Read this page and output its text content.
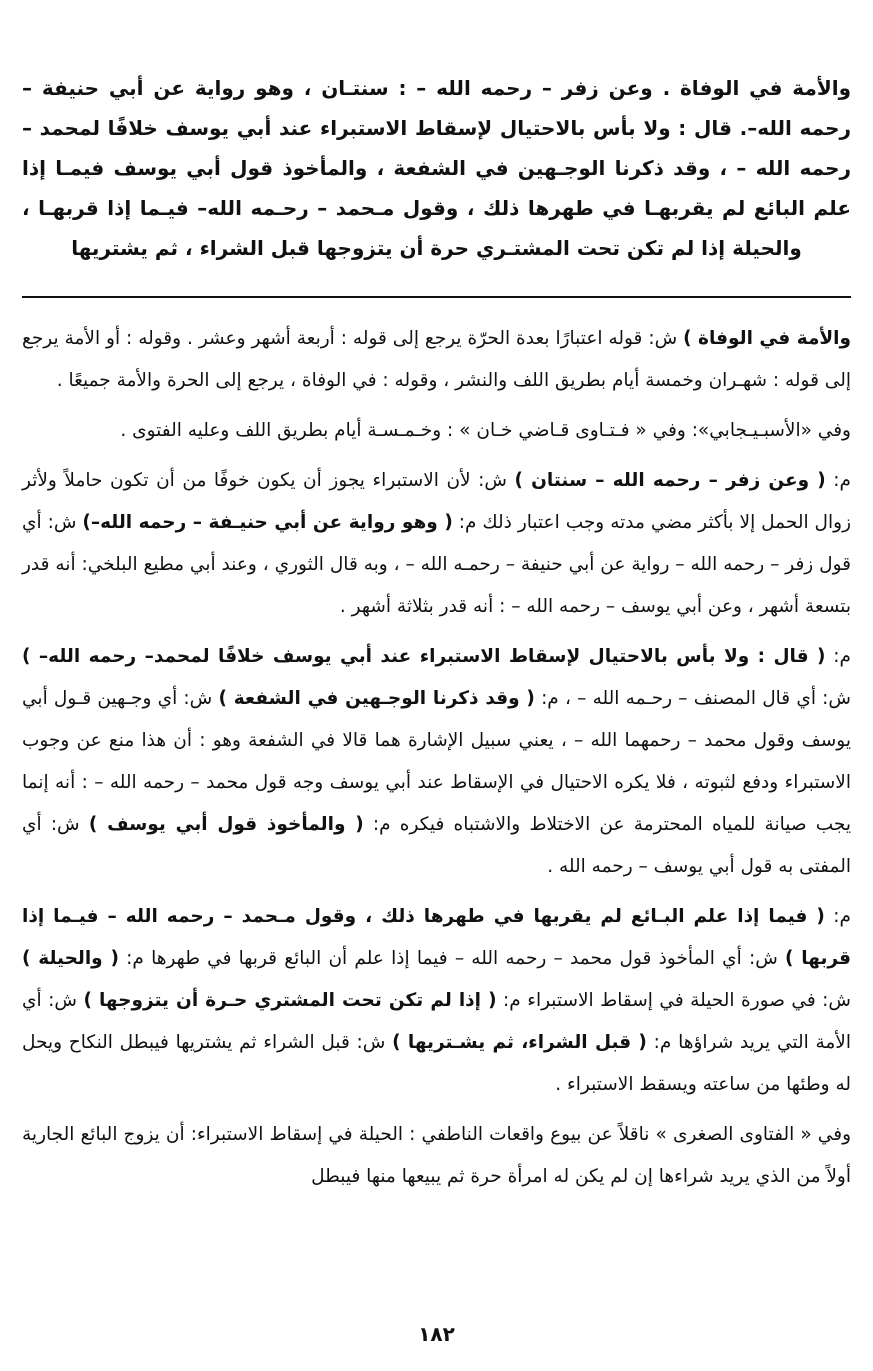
والأمة في الوفاة . وعن زفر – رحمه الله – : سنتـان ، وهو رواية عن أبي حنيفة – رحمه الله–. قال : ولا بأس بالاحتيال لإسقاط الاستبراء عند أبي يوسف خلافًا لمحمد – رحمه الله – ، وقد ذكرنا الوجـهين في الشفعة ، والمأخوذ قول أبي يوسف فيمـا إذا علم البائع لم يقربهـا في طهرها ذلك ، وقول مـحمد – رحـمه الله– فيـما إذا قربهـا ، والحيلة إذا لم تكن تحت المشتـري حرة أن يتزوجها قبل الشراء ، ثم يشتريها

والأمة في الوفاة ) ش: قوله اعتبارًا بعدة الحرّة يرجع إلى قوله : أربعة أشهر وعشر . وقوله : أو الأمة يرجع إلى قوله : شهـران وخمسة أيام بطريق اللف والنشر ، وقوله : في الوفاة ، يرجع إلى الحرة والأمة جميعًا .

وفي «الأسبـيـجابي»: وفي « فـتـاوى قـاضي خـان » : وخـمـسـة أيام بطريق اللف وعليه الفتوى .

م: ( وعن زفر – رحمه الله – سنتان ) ش: لأن الاستبراء يجوز أن يكون خوفًا من أن تكون حاملاً ولأثر زوال الحمل إلا بأكثر مضي مدته وجب اعتبار ذلك م: ( وهو رواية عن أبي حنيـفة – رحمه الله–) ش: أي قول زفر – رحمه الله – رواية عن أبي حنيفة – رحمـه الله – ، وبه قال الثوري ، وعند أبي مطيع البلخي: أنه قدر بتسعة أشهر ، وعن أبي يوسف – رحمه الله – : أنه قدر بثلاثة أشهر .

م: ( قال : ولا بأس بالاحتيال لإسقاط الاستبراء عند أبي يوسف خلافًا لمحمد– رحمه الله– ) ش: أي قال المصنف – رحـمه الله – ، م: ( وقد ذكرنا الوجـهين في الشفعة ) ش: أي وجـهين قـول أبي يوسف وقول محمد – رحمهما الله – ، يعني سبيل الإشارة هما قالا في الشفعة وهو : أن هذا منع عن وجوب الاستبراء ودفع لثبوته ، فلا يكره الاحتيال في الإسقاط عند أبي يوسف وجه قول محمد – رحمه الله – : أنه إنما يجب صيانة للمياه المحترمة عن الاختلاط والاشتباه فيكره م: ( والمأخوذ قول أبي يوسف ) ش: أي المفتى به قول أبي يوسف – رحمه الله .

م: ( فيما إذا علم البـائع لم يقربها في طهرها ذلك ، وقول مـحمد – رحمه الله – فيـما إذا قربها ) ش: أي المأخوذ قول محمد – رحمه الله – فيما إذا علم أن البائع قربها في طهرها م: ( والحيلة ) ش: في صورة الحيلة في إسقاط الاستبراء م: ( إذا لم تكن تحت المشتري حـرة أن يتزوجها ) ش: أي الأمة التي يريد شراؤها م: ( قبل الشراء، ثم يشـتريها ) ش: قبل الشراء ثم يشتريها فيبطل النكاح ويحل له وطئها من ساعته ويسقط الاستبراء .

وفي « الفتاوى الصغرى » ناقلاً عن بيوع واقعات الناطفي : الحيلة في إسقاط الاستبراء: أن يزوج البائع الجارية أولاً من الذي يريد شراءها إن لم يكن له امرأة حرة ثم يبيعها منها فيبطل

١٨٢
